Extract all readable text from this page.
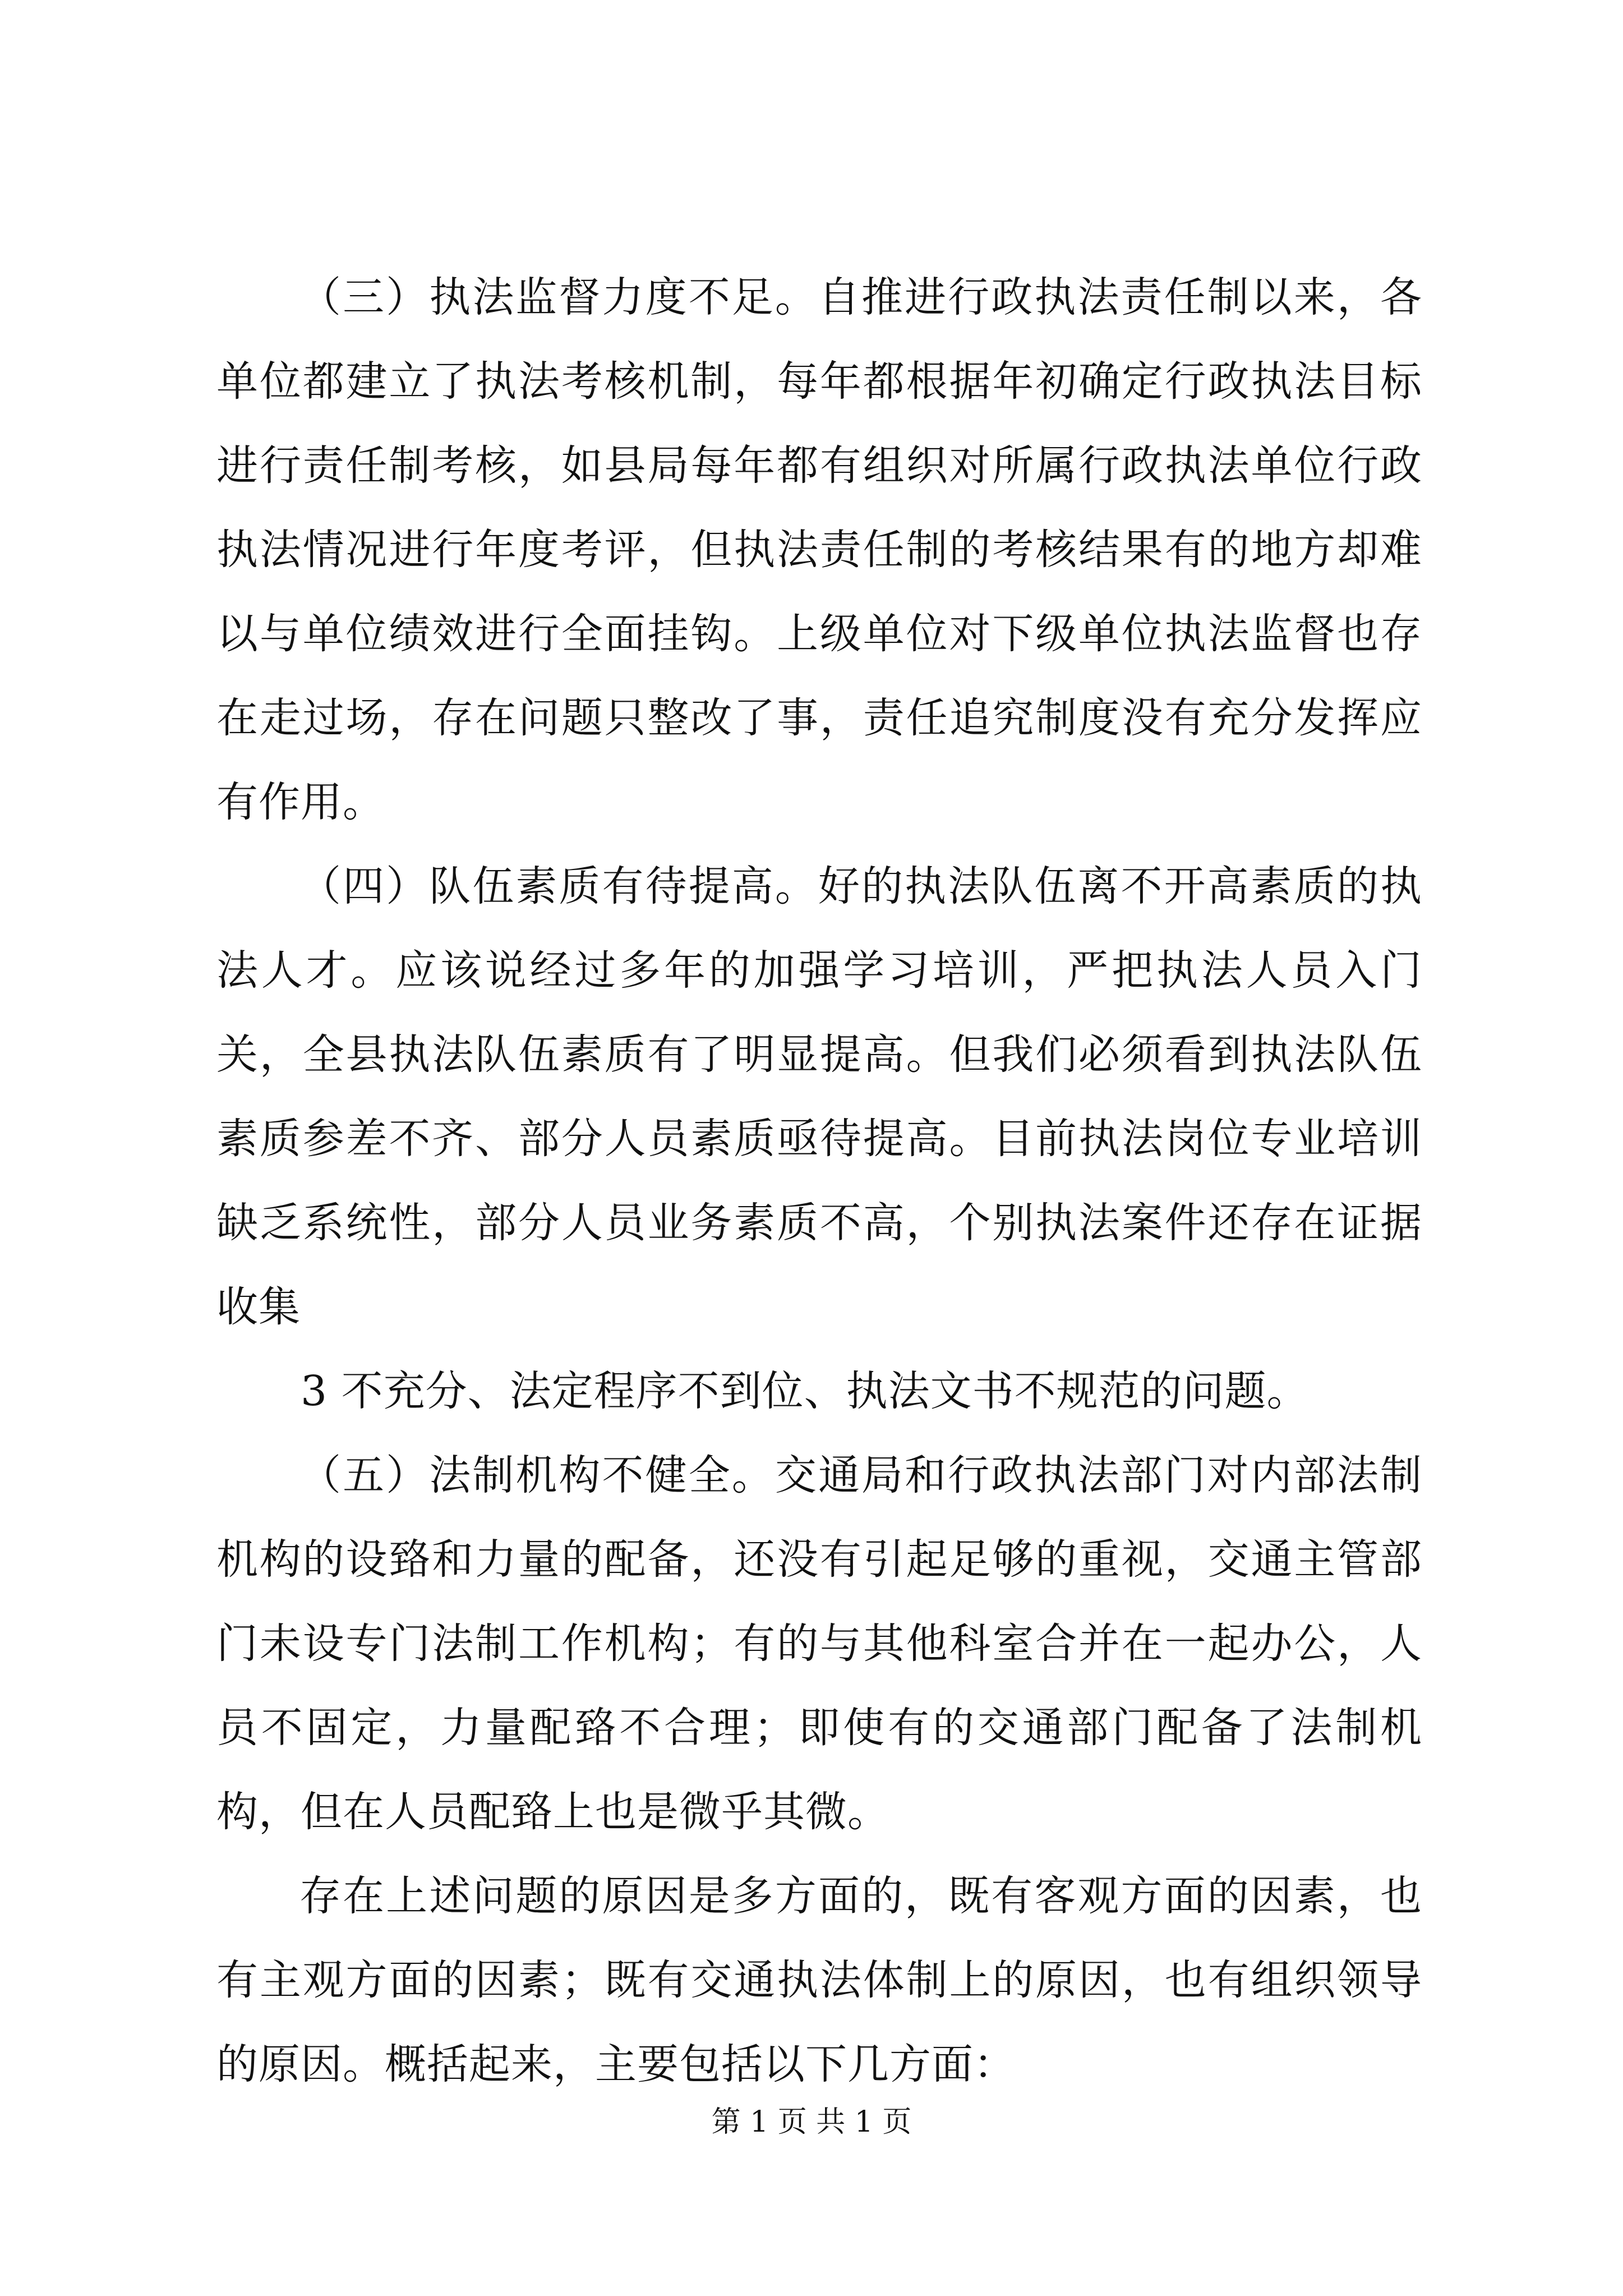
（三）执法监督力度不足。自推进行政执法责任制以来，各单位都建立了执法考核机制，每年都根据年初确定行政执法目标进行责任制考核，如县局每年都有组织对所属行政执法单位行政执法情况进行年度考评，但执法责任制的考核结果有的地方却难以与单位绩效进行全面挂钩。上级单位对下级单位执法监督也存在走过场，存在问题只整改了事，责任追究制度没有充分发挥应有作用。

（四）队伍素质有待提高。好的执法队伍离不开高素质的执法人才。应该说经过多年的加强学习培训，严把执法人员入门关，全县执法队伍素质有了明显提高。但我们必须看到执法队伍素质参差不齐、部分人员素质亟待提高。目前执法岗位专业培训缺乏系统性，部分人员业务素质不高，个别执法案件还存在证据收集

3 不充分、法定程序不到位、执法文书不规范的问题。

（五）法制机构不健全。交通局和行政执法部门对内部法制机构的设臵和力量的配备，还没有引起足够的重视，交通主管部门未设专门法制工作机构；有的与其他科室合并在一起办公，人员不固定，力量配臵不合理；即使有的交通部门配备了法制机构，但在人员配臵上也是微乎其微。

存在上述问题的原因是多方面的，既有客观方面的因素，也有主观方面的因素；既有交通执法体制上的原因，也有组织领导的原因。概括起来，主要包括以下几方面：

第 1 页 共 1 页
